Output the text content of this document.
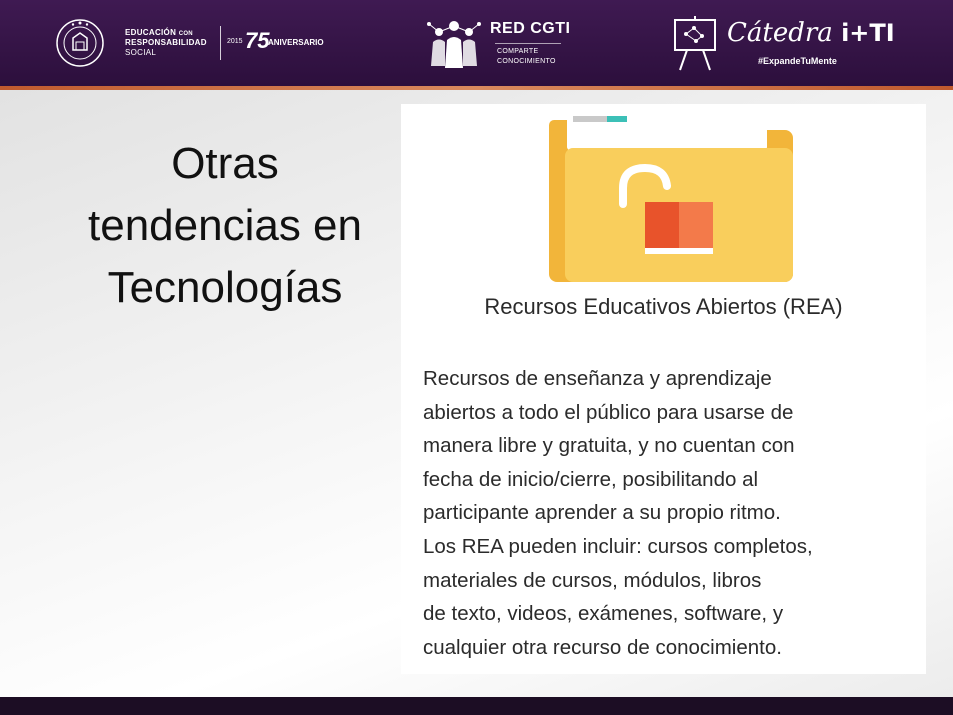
EDUCACIÓN CON
RESPONSABILIDAD
SOCIAL
2015 75
ANIVERSARIO
RED CGTI
COMPARTE
CONOCIMIENTO
Cátedra i+TI
#ExpandeTuMente
Otras
tendencias en
Tecnologías	Recursos Educativos Abiertos (REA)
Recursos de enseñanza y aprendizaje
abiertos a todo el público para usarse de
manera libre y gratuita, y no cuentan con
fecha de inicio/cierre, posibilitando al
participante aprender a su propio ritmo.
Los REA pueden incluir: cursos completos,
materiales de cursos, módulos, libros
de texto, videos, exámenes, software, y
cualquier otra recurso de conocimiento.
